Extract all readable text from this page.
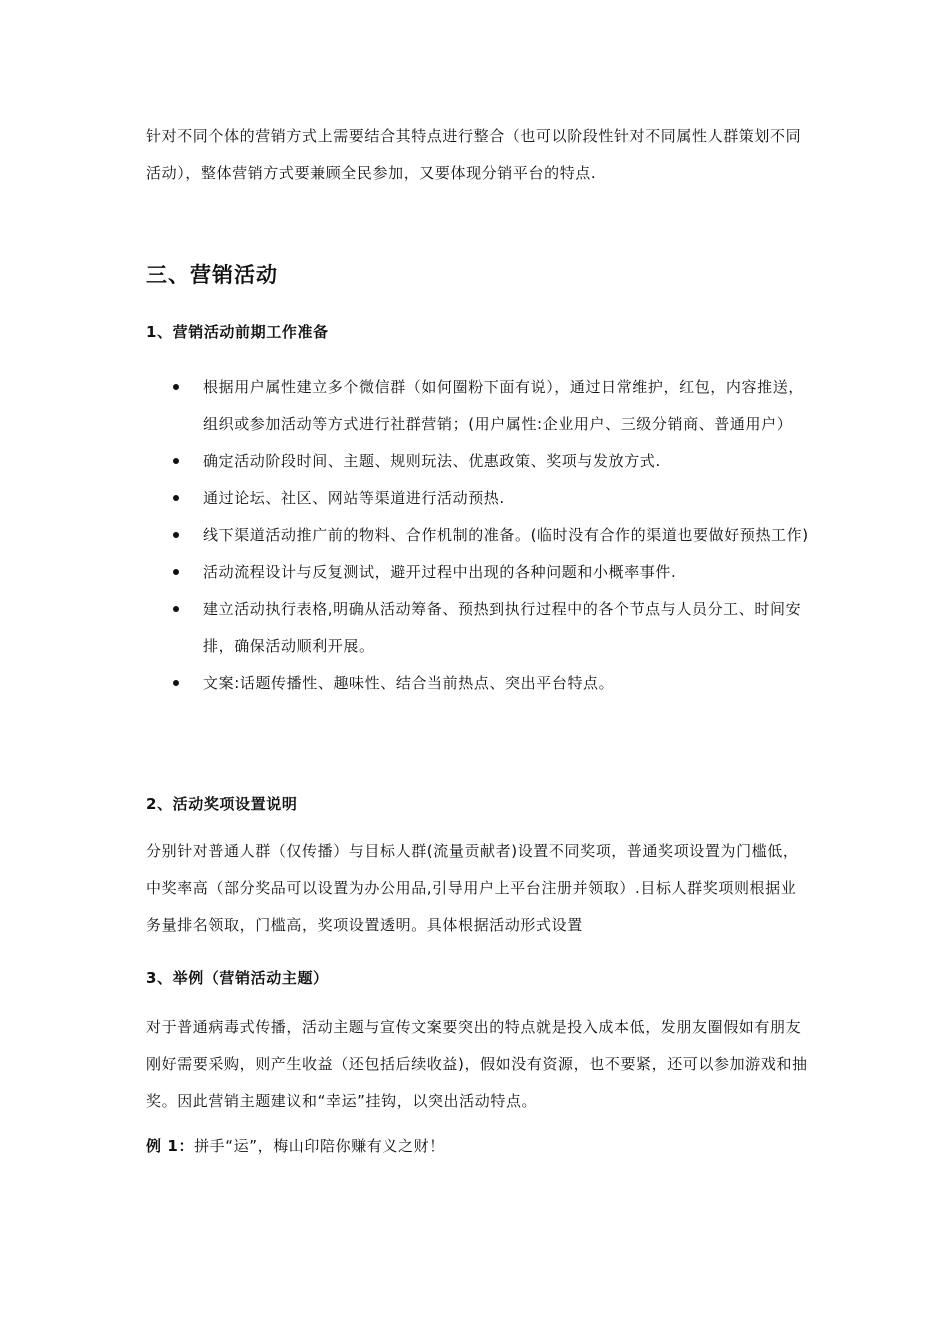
针对不同个体的营销方式上需要结合其特点进行整合（也可以阶段性针对不同属性人群策划不同活动），整体营销方式要兼顾全民参加，又要体现分销平台的特点.

三、营销活动
1、营销活动前期工作准备
根据用户属性建立多个微信群（如何圈粉下面有说），通过日常维护，红包，内容推送，组织或参加活动等方式进行社群营销；(用户属性:企业用户、三级分销商、普通用户）
确定活动阶段时间、主题、规则玩法、优惠政策、奖项与发放方式.
通过论坛、社区、网站等渠道进行活动预热.
线下渠道活动推广前的物料、合作机制的准备。(临时没有合作的渠道也要做好预热工作)
活动流程设计与反复测试，避开过程中出现的各种问题和小概率事件.
建立活动执行表格,明确从活动筹备、预热到执行过程中的各个节点与人员分工、时间安排，确保活动顺利开展。
文案:话题传播性、趣味性、结合当前热点、突出平台特点。
2、活动奖项设置说明

分别针对普通人群（仅传播）与目标人群(流量贡献者)设置不同奖项，普通奖项设置为门槛低，中奖率高（部分奖品可以设置为办公用品,引导用户上平台注册并领取）.目标人群奖项则根据业务量排名领取，门槛高，奖项设置透明。具体根据活动形式设置

3、举例（营销活动主题）

对于普通病毒式传播，活动主题与宣传文案要突出的特点就是投入成本低，发朋友圈假如有朋友刚好需要采购，则产生收益（还包括后续收益)，假如没有资源，也不要紧，还可以参加游戏和抽奖。因此营销主题建议和“幸运”挂钩，以突出活动特点。

例 1：拼手“运”，梅山印陪你赚有义之财！
